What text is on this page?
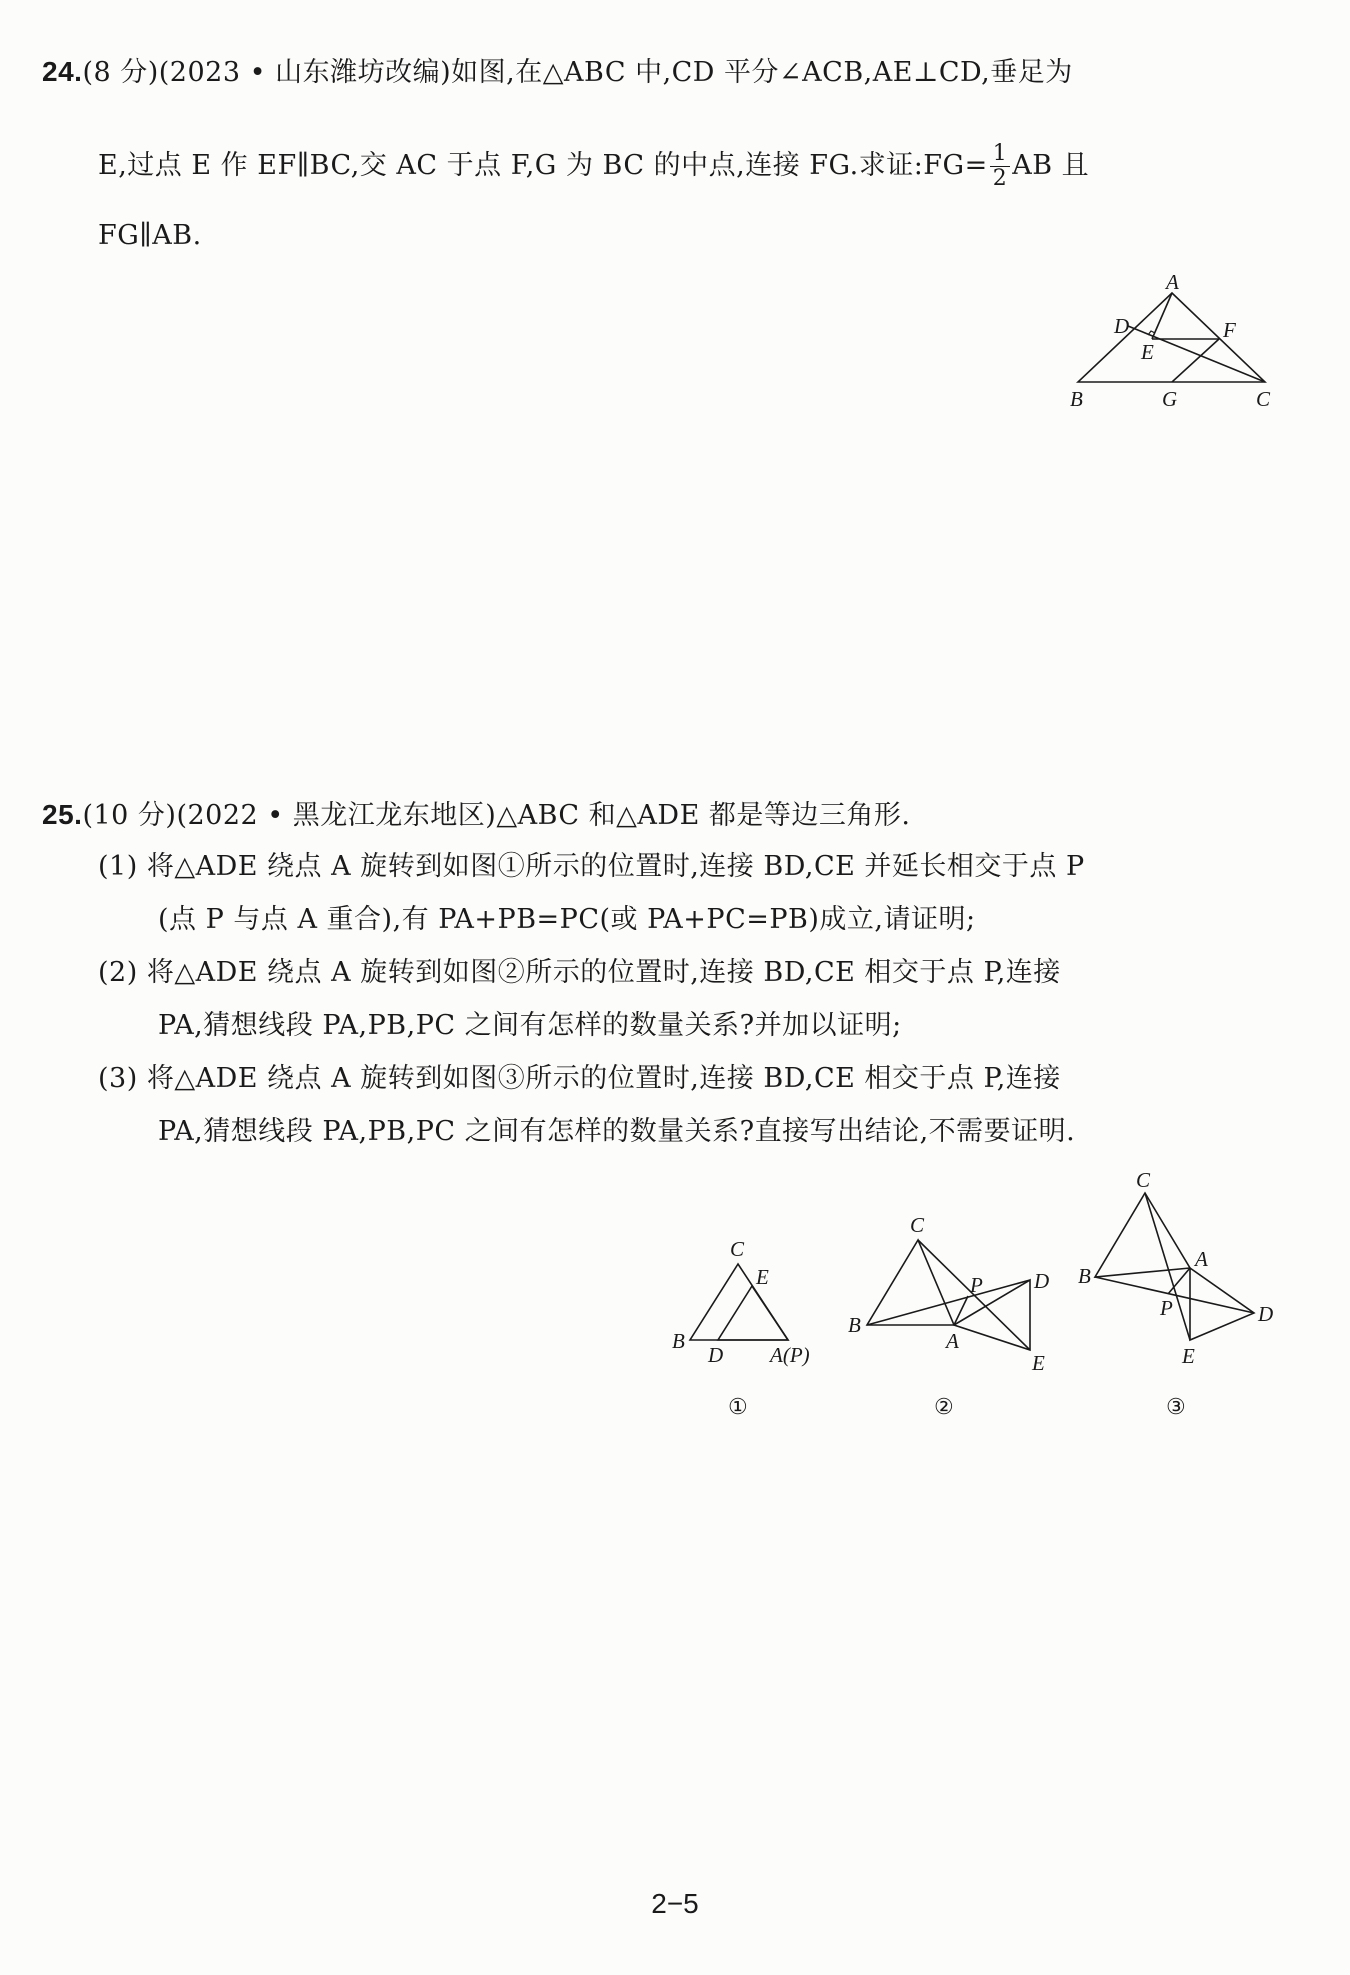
24.(8 分)(2023 • 山东潍坊改编)如图,在△ABC 中,CD 平分∠ACB,AE⊥CD,垂足为
E,过点 E 作 EF∥BC,交 AC 于点 F,G 为 BC 的中点,连接 FG.求证:FG= $\frac{1}{2}$ AB 且
FG∥AB.
A
D
E
F
B	G	C
25.(10 分)(2022 • 黑龙江龙东地区)△ABC 和△ADE 都是等边三角形.
(1) 将△ADE 绕点 A 旋转到如图①所示的位置时,连接 BD,CE 并延长相交于点 P
(点 P 与点 A 重合),有 PA+PB=PC(或 PA+PC=PB)成立,请证明;
(2) 将△ADE 绕点 A 旋转到如图②所示的位置时,连接 BD,CE 相交于点 P,连接
PA,猜想线段 PA,PB,PC 之间有怎样的数量关系?并加以证明;
(3) 将△ADE 绕点 A 旋转到如图③所示的位置时,连接 BD,CE 相交于点 P,连接
PA,猜想线段 PA,PB,PC 之间有怎样的数量关系?直接写出结论,不需要证明.
C
E
B
D A(P)
①
C
P D
B
A
E
②
C
A
B
P	D
E
③
2−5
